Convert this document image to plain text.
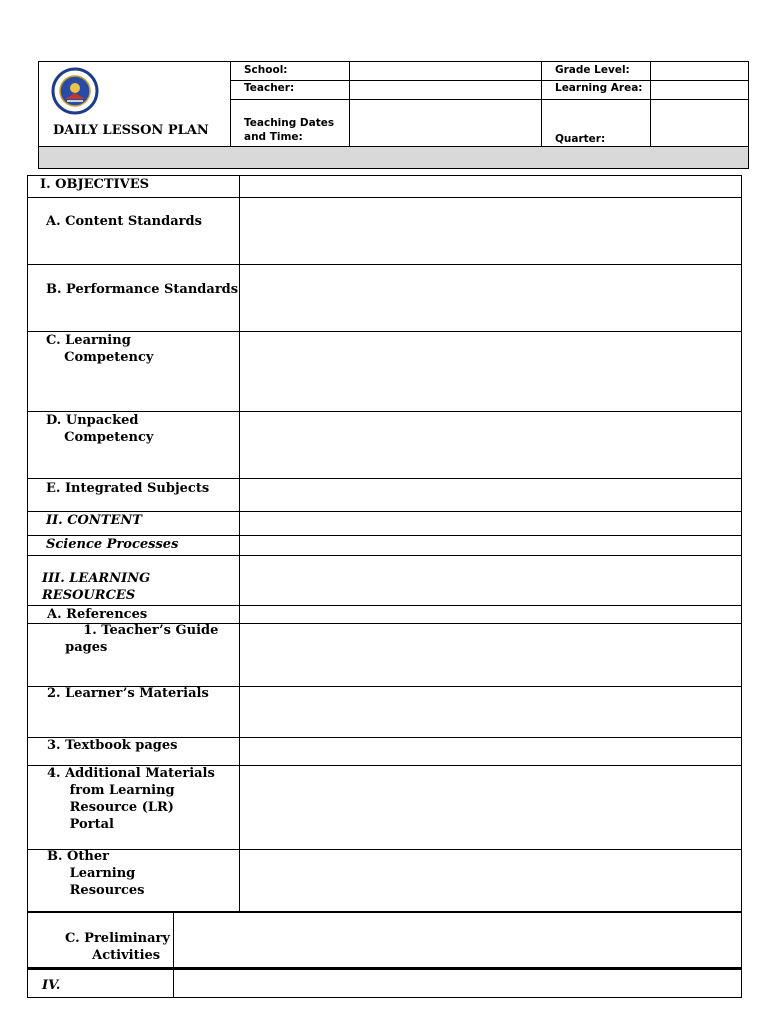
DAILY LESSON PLAN
School:	Grade Level:
Teacher:	Learning Area:
Teaching Dates
and Time:	Quarter:
I. OBJECTIVES
A. Content Standards
B. Performance Standards
C. Learning
Competency
D. Unpacked
Competency
E. Integrated Subjects
II. CONTENT
Science Processes
III. LEARNING
RESOURCES
A. References
1. Teacher’s Guide
pages
2. Learner’s Materials
3. Textbook pages
4. Additional Materials
from Learning
Resource (LR)
Portal
B. Other
Learning
Resources
C. Preliminary
Activities
IV.
